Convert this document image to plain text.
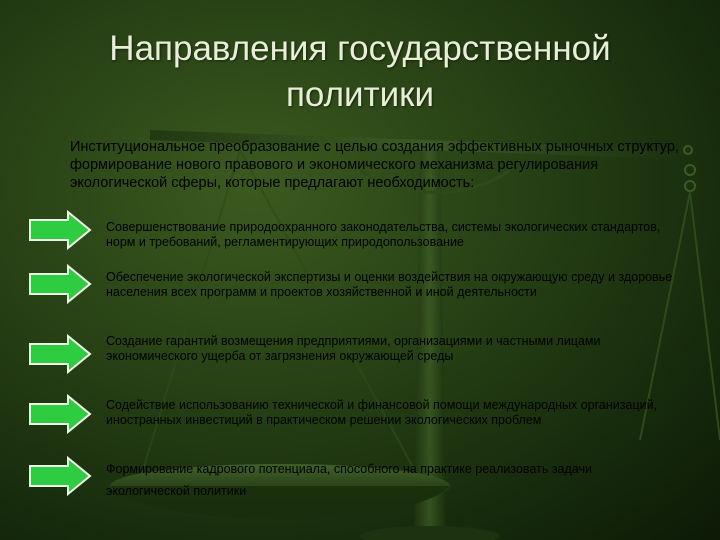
Направления государственной политики
Институциональное преобразование с целью создания эффективных рыночных структур, формирование нового правового и экономического механизма регулирования экологической сферы, которые предлагают необходимость:
Совершенствование природоохранного законодательства, системы экологических стандартов, норм и требований, регламентирующих природопользование
Обеспечение экологической экспертизы и оценки воздействия на окружающую среду и здоровье населения всех программ и проектов хозяйственной и иной деятельности
Создание гарантий возмещения предприятиями, организациями и частными лицами экономического ущерба от загрязнения окружающей среды
Содействие использованию технической и финансовой помощи международных организаций, иностранных инвестиций в практическом решении экологических проблем
Формирование кадрового потенциала, способного на практике реализовать задачи экологической политики
